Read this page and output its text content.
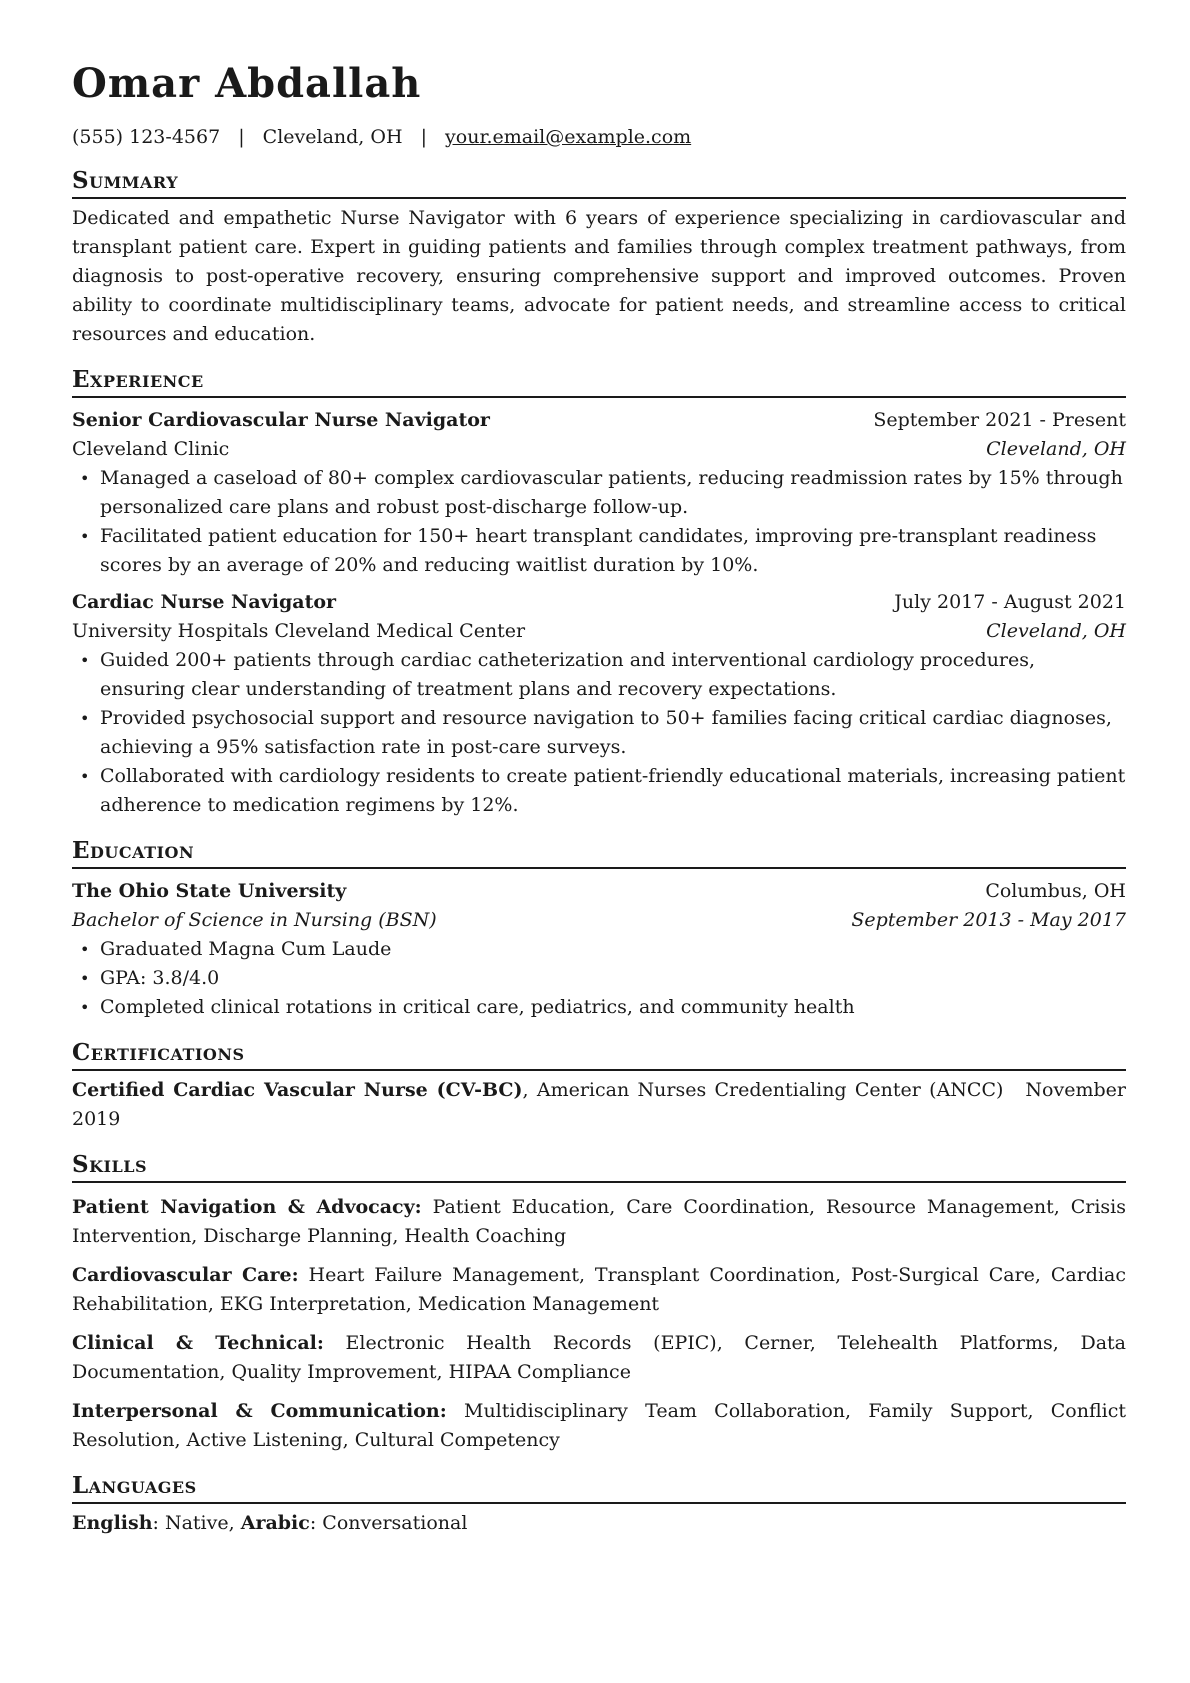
Omar Abdallah
(555) 123-4567 | Cleveland, OH | your.email@example.com
Summary
Dedicated and empathetic Nurse Navigator with 6 years of experience specializing in cardiovascular and transplant patient care. Expert in guiding patients and families through complex treatment pathways, from diagnosis to post-operative recovery, ensuring comprehensive support and improved outcomes. Proven ability to coordinate multidisciplinary teams, advocate for patient needs, and streamline access to critical resources and education.
Experience
Senior Cardiovascular Nurse Navigator	September 2021 - Present
Cleveland Clinic	Cleveland, OH
• Managed a caseload of 80+ complex cardiovascular patients, reducing readmission rates by 15% through personalized care plans and robust post-discharge follow-up.
• Facilitated patient education for 150+ heart transplant candidates, improving pre-transplant readiness scores by an average of 20% and reducing waitlist duration by 10%.
Cardiac Nurse Navigator	July 2017 - August 2021
University Hospitals Cleveland Medical Center	Cleveland, OH
• Guided 200+ patients through cardiac catheterization and interventional cardiology procedures, ensuring clear understanding of treatment plans and recovery expectations.
• Provided psychosocial support and resource navigation to 50+ families facing critical cardiac diagnoses, achieving a 95% satisfaction rate in post-care surveys.
• Collaborated with cardiology residents to create patient-friendly educational materials, increasing patient adherence to medication regimens by 12%.
Education
The Ohio State University	Columbus, OH
Bachelor of Science in Nursing (BSN)	September 2013 - May 2017
• Graduated Magna Cum Laude
• GPA: 3.8/4.0
• Completed clinical rotations in critical care, pediatrics, and community health
Certifications
Certified Cardiac Vascular Nurse (CV-BC), American Nurses Credentialing Center (ANCC) November 2019
Skills
Patient Navigation & Advocacy: Patient Education, Care Coordination, Resource Management, Crisis Intervention, Discharge Planning, Health Coaching
Cardiovascular Care: Heart Failure Management, Transplant Coordination, Post-Surgical Care, Cardiac Rehabilitation, EKG Interpretation, Medication Management
Clinical & Technical: Electronic Health Records (EPIC), Cerner, Telehealth Platforms, Data Documentation, Quality Improvement, HIPAA Compliance
Interpersonal & Communication: Multidisciplinary Team Collaboration, Family Support, Conflict Resolution, Active Listening, Cultural Competency
Languages
English: Native, Arabic: Conversational
